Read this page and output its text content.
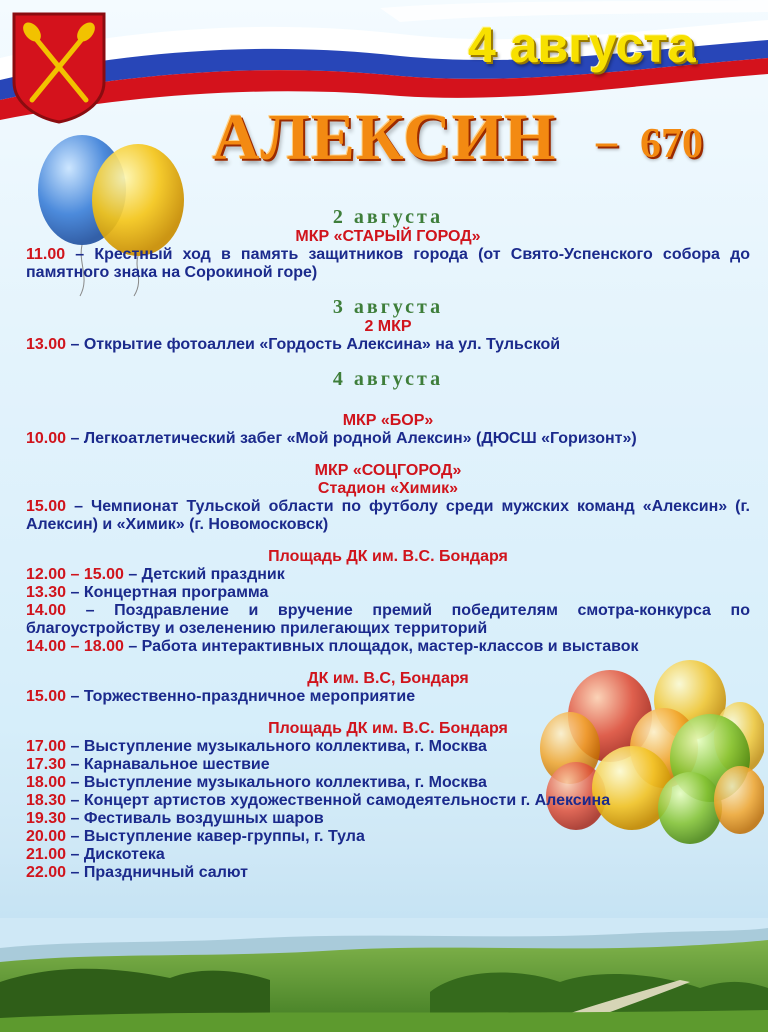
4 августа
АЛЕКСИН – 670

2 августа

МКР «СТАРЫЙ ГОРОД»

11.00 – Крестный ход в память защитников города (от Свято-Успенского собора до памятного знака на Сорокиной горе)

3 августа

2 МКР

13.00 – Открытие фотоаллеи «Гордость Алексина» на ул. Тульской

4 августа

МКР «БОР»

10.00 – Легкоатлетический забег «Мой родной Алексин» (ДЮСШ «Горизонт»)

МКР «СОЦГОРОД»

Стадион «Химик»

15.00 – Чемпионат Тульской области по футболу среди мужских команд «Алексин» (г. Алексин) и «Химик» (г. Новомосковск)

Площадь ДК им. В.С. Бондаря

12.00 – 15.00 – Детский праздник

13.30 – Концертная программа

14.00 – Поздравление и вручение премий победителям смотра-конкурса по благоустройству и озеленению прилегающих территорий

14.00 – 18.00 – Работа интерактивных площадок, мастер-классов и выставок

ДК им. В.С, Бондаря

15.00 – Торжественно-праздничное мероприятие

Площадь ДК им. В.С. Бондаря

17.00 – Выступление музыкального коллектива, г. Москва

17.30 – Карнавальное шествие

18.00 – Выступление музыкального коллектива, г. Москва

18.30 – Концерт артистов художественной самодеятельности г. Алексина

19.30 – Фестиваль воздушных шаров

20.00 – Выступление кавер-группы, г. Тула

21.00 – Дискотека

22.00 – Праздничный салют
